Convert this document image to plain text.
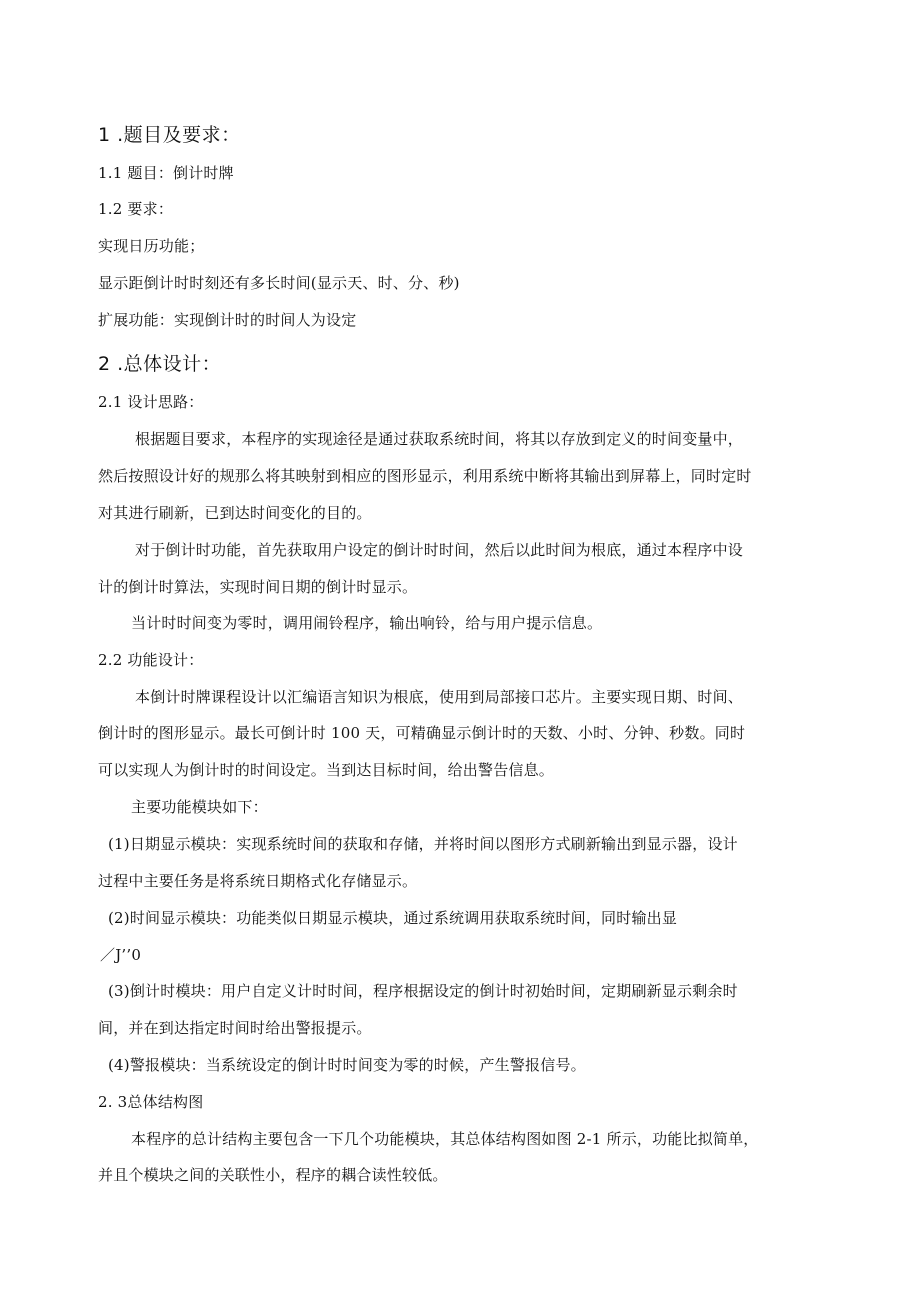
1 .题目及要求：
1.1 题目：倒计时牌
1.2 要求：
实现日历功能；
显示距倒计时时刻还有多长时间(显示天、时、分、秒)
扩展功能：实现倒计时的时间人为设定
2 .总体设计：
2.1 设计思路：
根据题目要求，本程序的实现途径是通过获取系统时间，将其以存放到定义的时间变量中，
然后按照设计好的规那么将其映射到相应的图形显示，利用系统中断将其输出到屏幕上，同时定时
对其进行刷新，已到达时间变化的目的。
对于倒计时功能，首先获取用户设定的倒计时时间，然后以此时间为根底，通过本程序中设
计的倒计时算法，实现时间日期的倒计时显示。
当计时时间变为零时，调用闹铃程序，输出响铃，给与用户提示信息。
2.2 功能设计：
本倒计时牌课程设计以汇编语言知识为根底，使用到局部接口芯片。主要实现日期、时间、
倒计时的图形显示。最长可倒计时 100 天，可精确显示倒计时的天数、小时、分钟、秒数。同时
可以实现人为倒计时的时间设定。当到达目标时间，给出警告信息。
主要功能模块如下：
(1)日期显示模块：实现系统时间的获取和存储，并将时间以图形方式刷新输出到显示器，设计
过程中主要任务是将系统日期格式化存储显示。
(2)时间显示模块：功能类似日期显示模块，通过系统调用获取系统时间，同时输出显
／J’’0
(3)倒计时模块：用户自定义计时时间，程序根据设定的倒计时初始时间，定期刷新显示剩余时
间，并在到达指定时间时给出警报提示。
(4)警报模块：当系统设定的倒计时时间变为零的时候，产生警报信号。
2. 3总体结构图
本程序的总计结构主要包含一下几个功能模块，其总体结构图如图 2-1 所示，功能比拟简单，
并且个模块之间的关联性小，程序的耦合读性较低。
